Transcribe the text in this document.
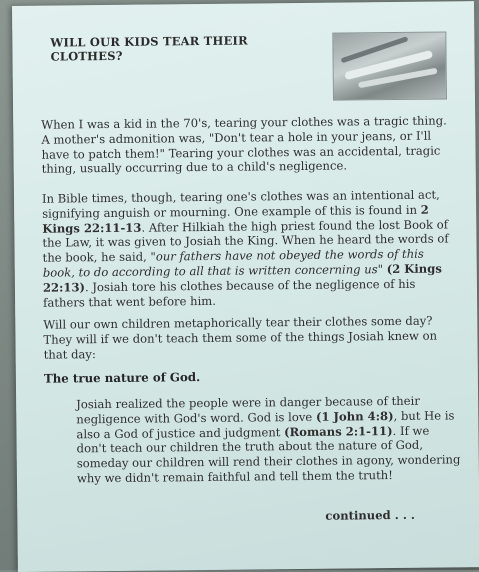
WILL OUR KIDS TEAR THEIR CLOTHES?
When I was a kid in the 70's, tearing your clothes was a tragic thing. A mother's admonition was, "Don't tear a hole in your jeans, or I'll have to patch them!" Tearing your clothes was an accidental, tragic thing, usually occurring due to a child's negligence.
In Bible times, though, tearing one's clothes was an intentional act, signifying anguish or mourning. One example of this is found in 2 Kings 22:11-13. After Hilkiah the high priest found the lost Book of the Law, it was given to Josiah the King. When he heard the words of the book, he said, "our fathers have not obeyed the words of this book, to do according to all that is written concerning us" (2 Kings 22:13). Josiah tore his clothes because of the negligence of his fathers that went before him.
Will our own children metaphorically tear their clothes some day? They will if we don't teach them some of the things Josiah knew on that day:
The true nature of God.
Josiah realized the people were in danger because of their negligence with God's word. God is love (1 John 4:8), but He is also a God of justice and judgment (Romans 2:1-11). If we don't teach our children the truth about the nature of God, someday our children will rend their clothes in agony, wondering why we didn't remain faithful and tell them the truth!
continued . . .
